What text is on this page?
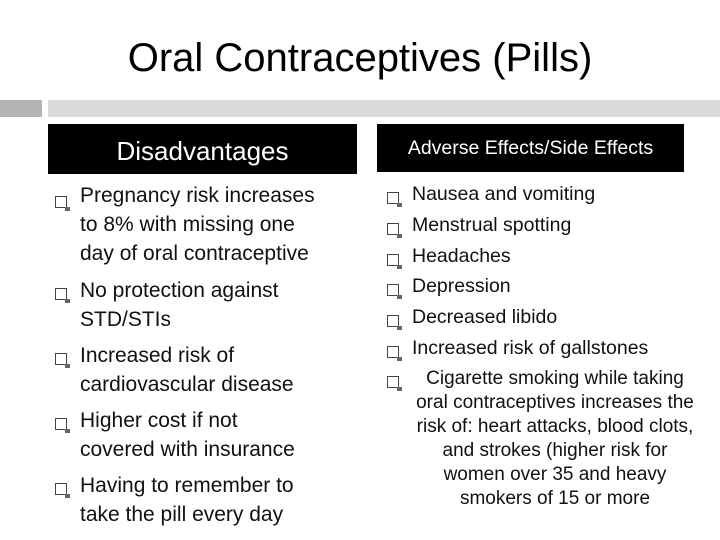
Oral Contraceptives (Pills)
Disadvantages
Pregnancy risk increases
to 8% with missing one
day of oral contraceptive
No protection against
STD/STIs
Increased risk of
cardiovascular disease
Higher cost if not
covered with insurance
Having to remember to
take the pill every day
Adverse Effects/Side Effects
Nausea and vomiting
Menstrual spotting
Headaches
Depression
Decreased libido
Increased risk of gallstones
Cigarette smoking while taking oral contraceptives increases the risk of: heart attacks, blood clots, and strokes (higher risk for women over 35 and heavy smokers of 15 or more
